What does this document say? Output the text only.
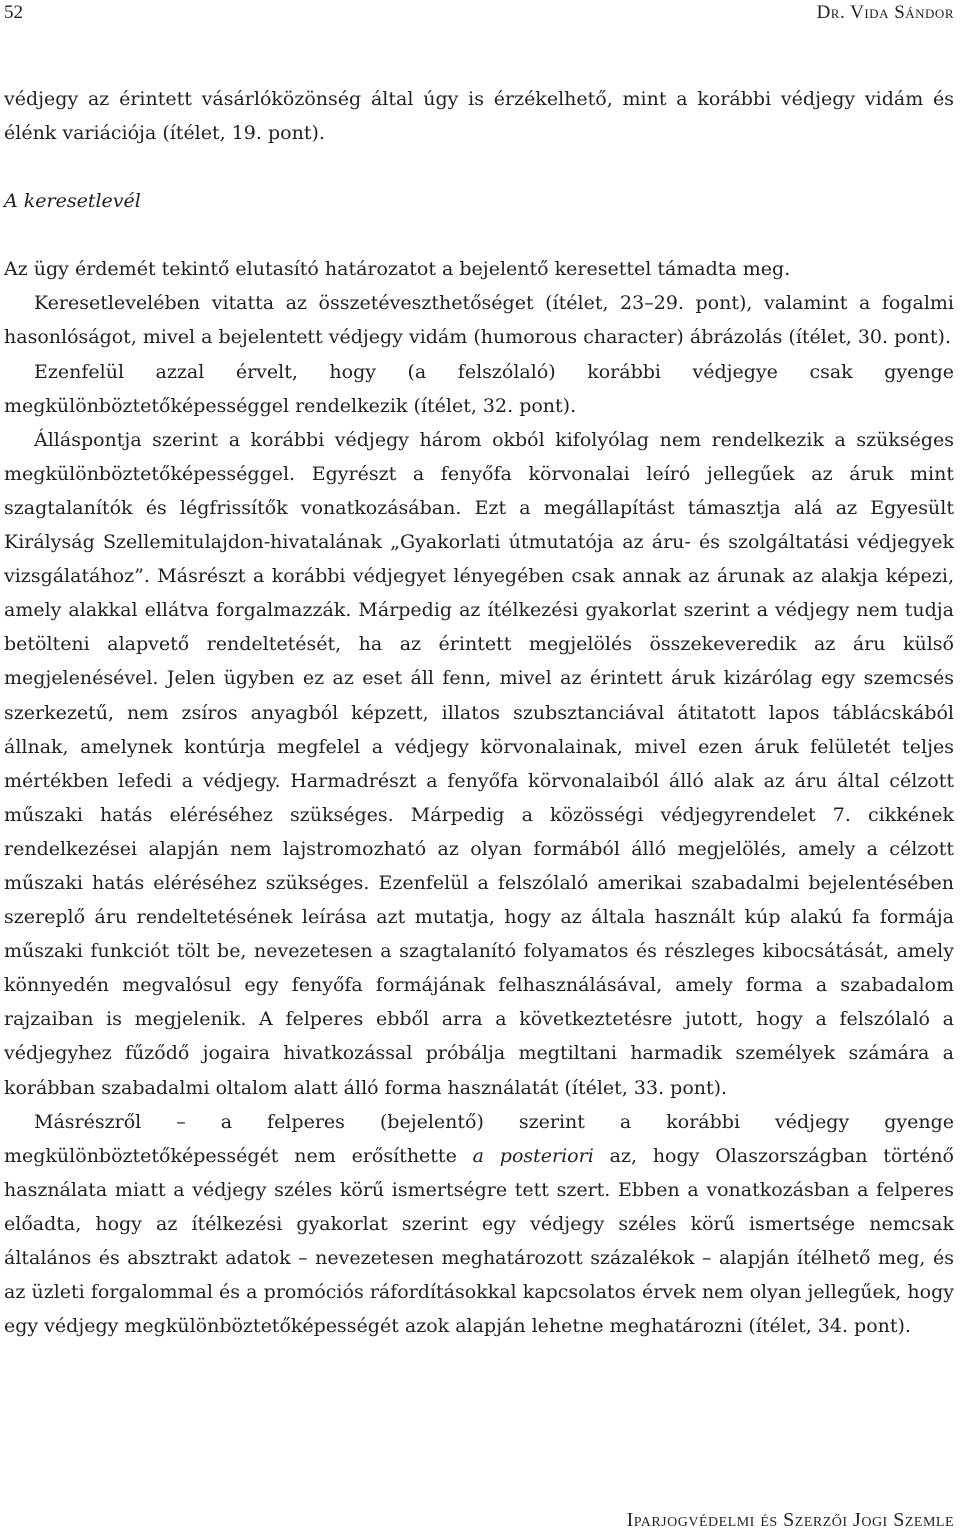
52	Dr. Vida Sándor

védjegy az érintett vásárlóközönség által úgy is érzékelhető, mint a korábbi védjegy vidám és élénk variációja (ítélet, 19. pont).

A keresetlevél

Az ügy érdemét tekintő elutasító határozatot a bejelentő keresettel támadta meg.

Keresetlevelében vitatta az összetéveszthetőséget (ítélet, 23–29. pont), valamint a fogalmi hasonlóságot, mivel a bejelentett védjegy vidám (humorous character) ábrázolás (ítélet, 30. pont).

Ezenfelül azzal érvelt, hogy (a felszólaló) korábbi védjegye csak gyenge megkülönböztetőképességgel rendelkezik (ítélet, 32. pont).

Álláspontja szerint a korábbi védjegy három okból kifolyólag nem rendelkezik a szükséges megkülönböztetőképességgel. Egyrészt a fenyőfa körvonalai leíró jellegűek az áruk mint szagtalanítók és légfrissítők vonatkozásában. Ezt a megállapítást támasztja alá az Egyesült Királyság Szellemitulajdon-hivatalának „Gyakorlati útmutatója az áru- és szolgáltatási védjegyek vizsgálatához”. Másrészt a korábbi védjegyet lényegében csak annak az árunak az alakja képezi, amely alakkal ellátva forgalmazzák. Márpedig az ítélkezési gyakorlat szerint a védjegy nem tudja betölteni alapvető rendeltetését, ha az érintett megjelölés összekeveredik az áru külső megjelenésével. Jelen ügyben ez az eset áll fenn, mivel az érintett áruk kizárólag egy szemcsés szerkezetű, nem zsíros anyagból képzett, illatos szubsztanciával átitatott lapos táblácskából állnak, amelynek kontúrja megfelel a védjegy körvonalainak, mivel ezen áruk felületét teljes mértékben lefedi a védjegy. Harmadrészt a fenyőfa körvonalaiból álló alak az áru által célzott műszaki hatás eléréséhez szükséges. Márpedig a közösségi védjegyrendelet 7. cikkének rendelkezései alapján nem lajstromozható az olyan formából álló megjelölés, amely a célzott műszaki hatás eléréséhez szükséges. Ezenfelül a felszólaló amerikai szabadalmi bejelentésében szereplő áru rendeltetésének leírása azt mutatja, hogy az általa használt kúp alakú fa formája műszaki funkciót tölt be, nevezetesen a szagtalanító folyamatos és részleges kibocsátását, amely könnyedén megvalósul egy fenyőfa formájának felhasználásával, amely forma a szabadalom rajzaiban is megjelenik. A felperes ebből arra a következtetésre jutott, hogy a felszólaló a védjegyhez fűződő jogaira hivatkozással próbálja megtiltani harmadik személyek számára a korábban szabadalmi oltalom alatt álló forma használatát (ítélet, 33. pont).

Másrészről – a felperes (bejelentő) szerint a korábbi védjegy gyenge megkülönböztetőképességét nem erősíthette a posteriori az, hogy Olaszországban történő használata miatt a védjegy széles körű ismertségre tett szert. Ebben a vonatkozásban a felperes előadta, hogy az ítélkezési gyakorlat szerint egy védjegy széles körű ismertsége nemcsak általános és absztrakt adatok – nevezetesen meghatározott százalékok – alapján ítélhető meg, és az üzleti forgalommal és a promóciós ráfordításokkal kapcsolatos érvek nem olyan jellegűek, hogy egy védjegy megkülönböztetőképességét azok alapján lehetne meghatározni (ítélet, 34. pont).

Iparjogvédelmi és Szerzői Jogi Szemle
